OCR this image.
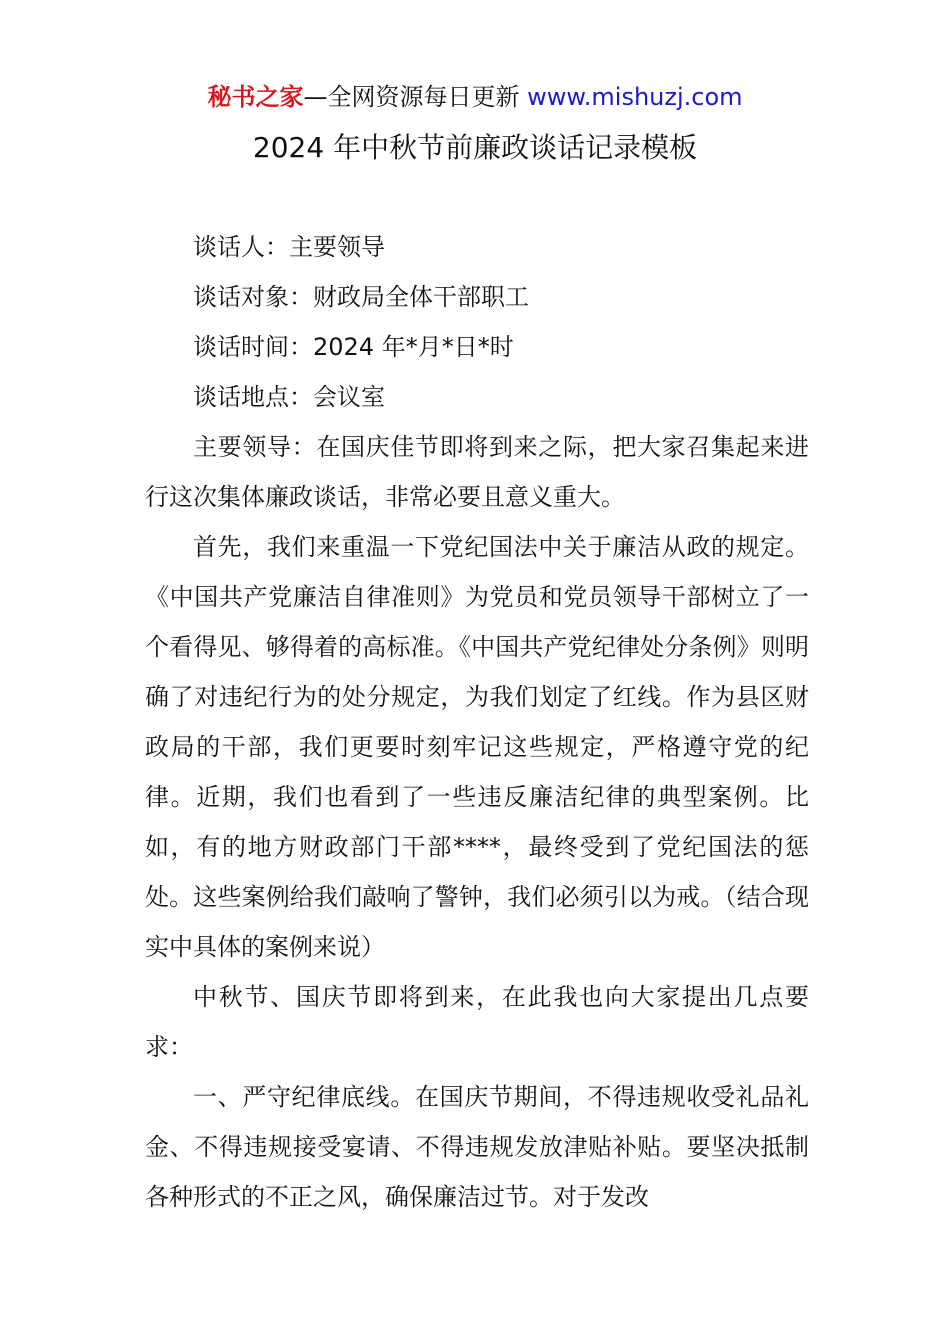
秘书之家—全网资源每日更新 www.mishuzj.com
2024 年中秋节前廉政谈话记录模板

谈话人：主要领导

谈话对象：财政局全体干部职工

谈话时间：2024 年*月*日*时

谈话地点：会议室

主要领导：在国庆佳节即将到来之际，把大家召集起来进行这次集体廉政谈话，非常必要且意义重大。

首先，我们来重温一下党纪国法中关于廉洁从政的规定。《中国共产党廉洁自律准则》为党员和党员领导干部树立了一个看得见、够得着的高标准。《中国共产党纪律处分条例》则明确了对违纪行为的处分规定，为我们划定了红线。作为县区财政局的干部，我们更要时刻牢记这些规定，严格遵守党的纪律。近期，我们也看到了一些违反廉洁纪律的典型案例。比如，有的地方财政部门干部****，最终受到了党纪国法的惩处。这些案例给我们敲响了警钟，我们必须引以为戒。（结合现实中具体的案例来说）

中秋节、国庆节即将到来，在此我也向大家提出几点要求：

一、严守纪律底线。在国庆节期间，不得违规收受礼品礼金、不得违规接受宴请、不得违规发放津贴补贴。要坚决抵制各种形式的不正之风，确保廉洁过节。对于发改
